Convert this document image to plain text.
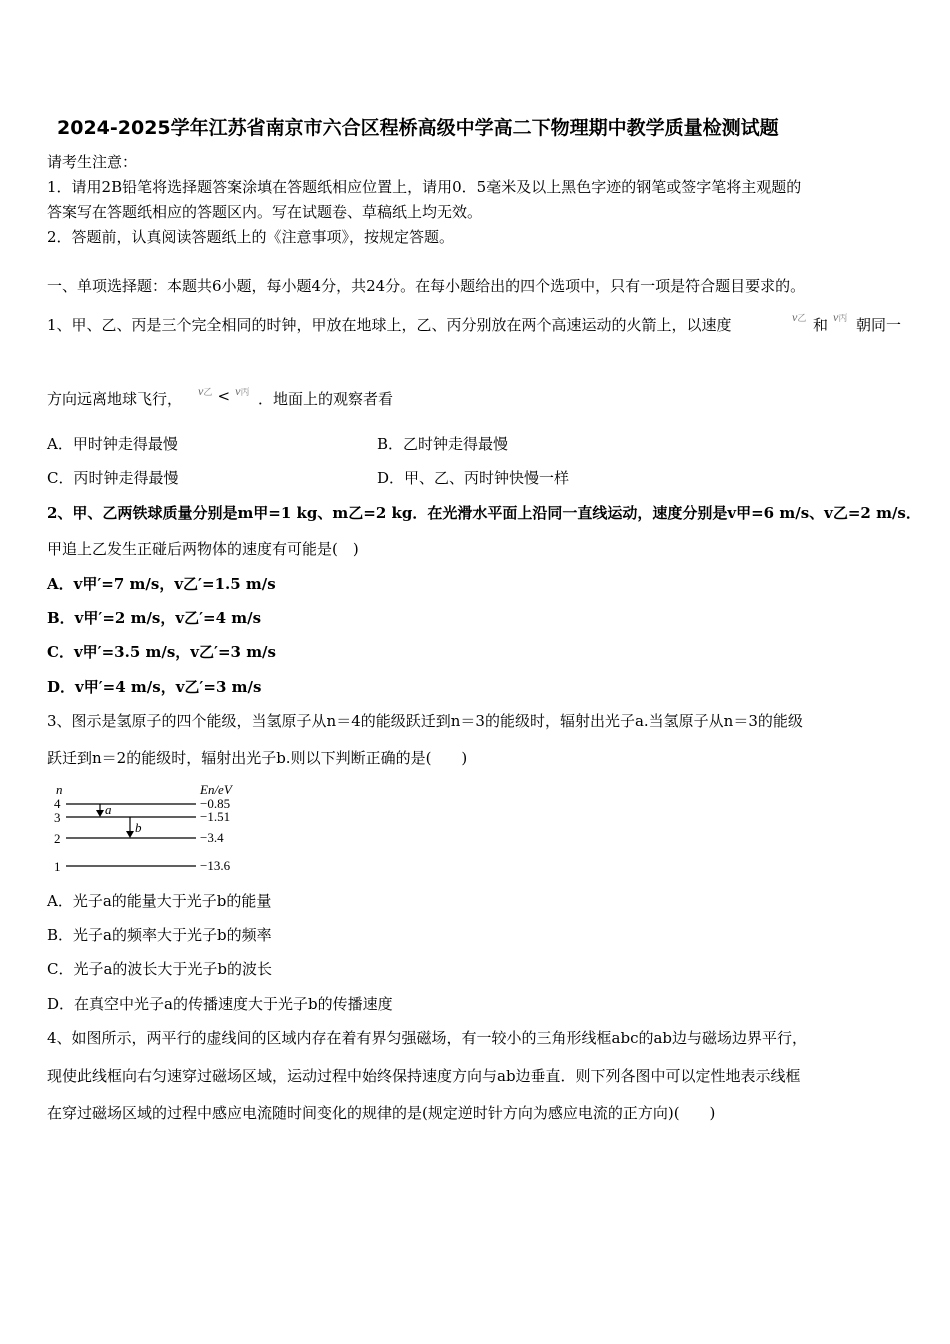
2024-2025学年江苏省南京市六合区程桥高级中学高二下物理期中教学质量检测试题
请考生注意：
1．请用2B铅笔将选择题答案涂填在答题纸相应位置上，请用0．5毫米及以上黑色字迹的钢笔或签字笔将主观题的
答案写在答题纸相应的答题区内。写在试题卷、草稿纸上均无效。
2．答题前，认真阅读答题纸上的《注意事项》，按规定答题。
一、单项选择题：本题共6小题，每小题4分，共24分。在每小题给出的四个选项中，只有一项是符合题目要求的。
1、甲、乙、丙是三个完全相同的时钟，甲放在地球上，乙、丙分别放在两个高速运动的火箭上，以速度	v乙 和 v丙 朝同一
方向远离地球飞行， v乙 < v丙 ．地面上的观察者看
A．甲时钟走得最慢	B．乙时钟走得最慢
C．丙时钟走得最慢	D．甲、乙、丙时钟快慢一样
2、甲、乙两铁球质量分别是m甲=1 kg、m乙=2 kg．在光滑水平面上沿同一直线运动，速度分别是v甲=6 m/s、v乙=2 m/s．
甲追上乙发生正碰后两物体的速度有可能是(　)
A．v甲′=7 m/s，v乙′=1.5 m/s
B．v甲′=2 m/s，v乙′=4 m/s
C．v甲′=3.5 m/s，v乙′=3 m/s
D．v甲′=4 m/s，v乙′=3 m/s
3、图示是氢原子的四个能级，当氢原子从n＝4的能级跃迁到n＝3的能级时，辐射出光子a.当氢原子从n＝3的能级
跃迁到n＝2的能级时，辐射出光子b.则以下判断正确的是(　　)
n	En/eV
4	−0.85
3	−1.51
2	−3.4
1	−13.6
a
b
A．光子a的能量大于光子b的能量
B．光子a的频率大于光子b的频率
C．光子a的波长大于光子b的波长
D．在真空中光子a的传播速度大于光子b的传播速度
4、如图所示，两平行的虚线间的区域内存在着有界匀强磁场，有一较小的三角形线框abc的ab边与磁场边界平行，
现使此线框向右匀速穿过磁场区域，运动过程中始终保持速度方向与ab边垂直．则下列各图中可以定性地表示线框
在穿过磁场区域的过程中感应电流随时间变化的规律的是(规定逆时针方向为感应电流的正方向)(　　)
